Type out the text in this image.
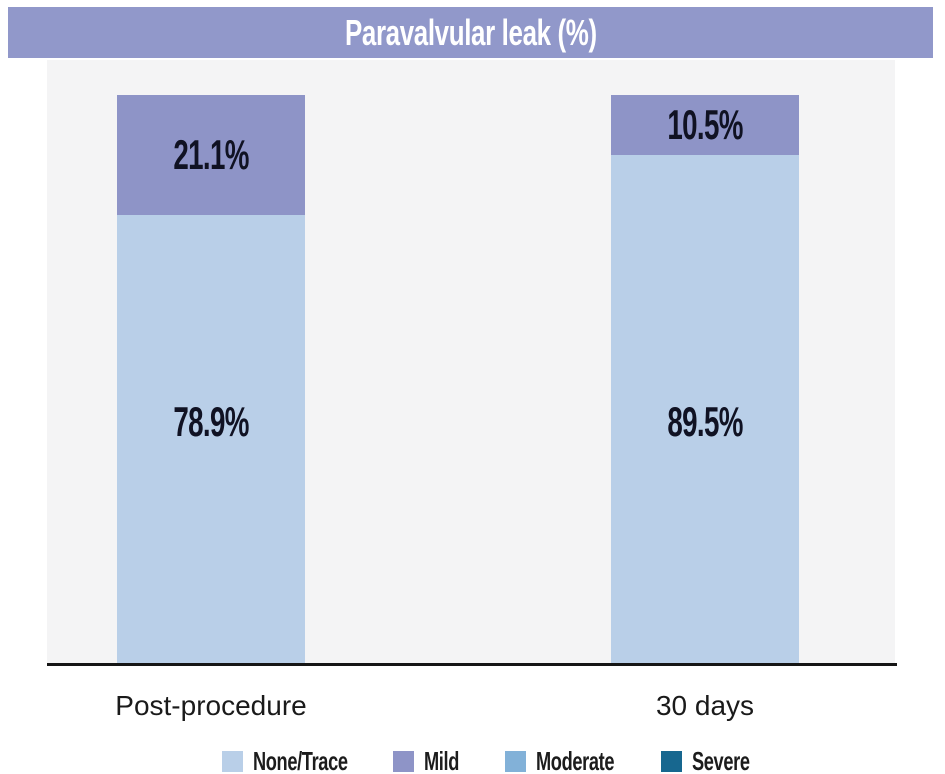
Paravalvular leak (%)
21.1%
78.9%
10.5%
89.5%
Post-procedure	30 days
None/Trace	Mild	Moderate	Severe
